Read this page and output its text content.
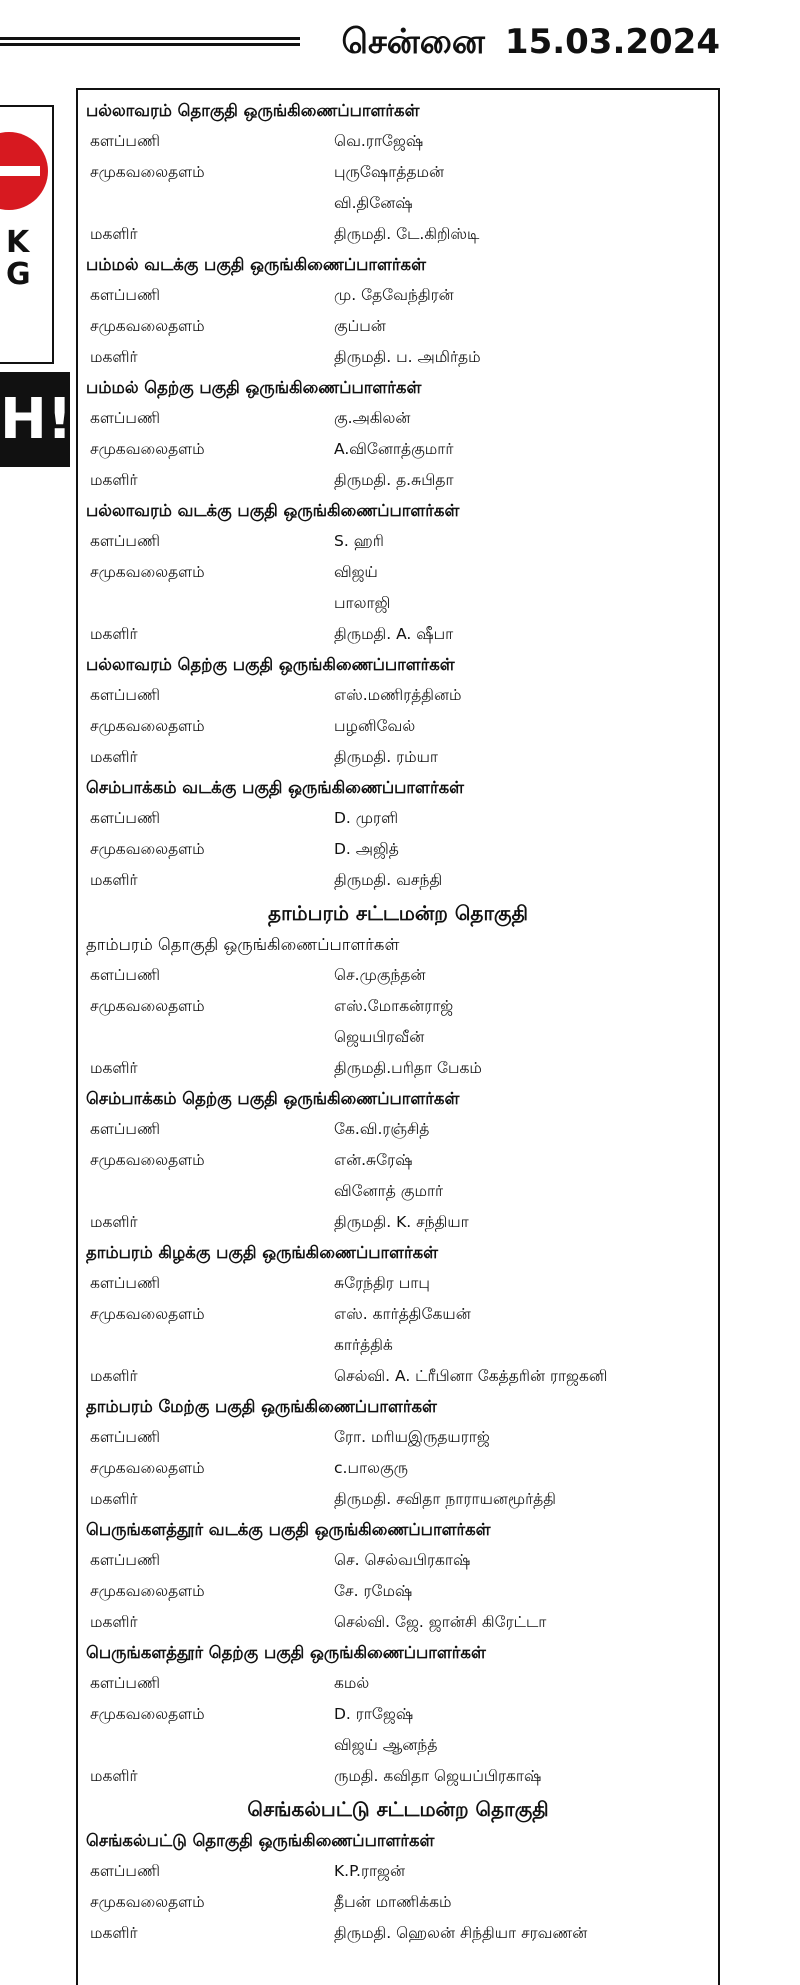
சென்னை 15.03.2024
K
G
H!
பல்லாவரம் தொகுதி ஒருங்கிணைப்பாளர்கள்
களப்பணி	வெ.ராஜேஷ்
சமுகவலைதளம்	புருஷோத்தமன்
வி.தினேஷ்
மகளிர்	திருமதி. டே.கிறிஸ்டி
பம்மல் வடக்கு பகுதி ஒருங்கிணைப்பாளர்கள்
களப்பணி	மு. தேவேந்திரன்
சமுகவலைதளம்	குப்பன்
மகளிர்	திருமதி. ப. அமிர்தம்
பம்மல் தெற்கு பகுதி ஒருங்கிணைப்பாளர்கள்
களப்பணி	கு.அகிலன்
சமுகவலைதளம்	A.வினோத்குமார்
மகளிர்	திருமதி. த.சுபிதா
பல்லாவரம் வடக்கு பகுதி ஒருங்கிணைப்பாளர்கள்
களப்பணி	S. ஹரி
சமுகவலைதளம்	விஜய்
பாலாஜி
மகளிர்	திருமதி. A. ஷீபா
பல்லாவரம் தெற்கு பகுதி ஒருங்கிணைப்பாளர்கள்
களப்பணி	எஸ்.மணிரத்தினம்
சமுகவலைதளம்	பழனிவேல்
மகளிர்	திருமதி. ரம்யா
செம்பாக்கம் வடக்கு பகுதி ஒருங்கிணைப்பாளர்கள்
களப்பணி	D. முரளி
சமுகவலைதளம்	D. அஜித்
மகளிர்	திருமதி. வசந்தி
தாம்பரம் சட்டமன்ற தொகுதி
தாம்பரம் தொகுதி ஒருங்கிணைப்பாளர்கள்
களப்பணி	செ.முகுந்தன்
சமுகவலைதளம்	எஸ்.மோகன்ராஜ்
ஜெயபிரவீன்
மகளிர்	திருமதி.பரிதா பேகம்
செம்பாக்கம் தெற்கு பகுதி ஒருங்கிணைப்பாளர்கள்
களப்பணி	கே.வி.ரஞ்சித்
சமுகவலைதளம்	என்.சுரேஷ்
வினோத் குமார்
மகளிர்	திருமதி. K. சந்தியா
தாம்பரம் கிழக்கு பகுதி ஒருங்கிணைப்பாளர்கள்
களப்பணி	சுரேந்திர பாபு
சமுகவலைதளம்	எஸ். கார்த்திகேயன்
கார்த்திக்
மகளிர்	செல்வி. A. ட்ரீபினா கேத்தரின் ராஜகனி
தாம்பரம் மேற்கு பகுதி ஒருங்கிணைப்பாளர்கள்
களப்பணி	ரோ. மரியஇருதயராஜ்
சமுகவலைதளம்	c.பாலகுரு
மகளிர்	திருமதி. சவிதா நாராயனமூர்த்தி
பெருங்களத்தூர் வடக்கு பகுதி ஒருங்கிணைப்பாளர்கள்
களப்பணி	செ. செல்வபிரகாஷ்
சமுகவலைதளம்	சே. ரமேஷ்
மகளிர்	செல்வி. ஜே. ஜான்சி கிரேட்டா
பெருங்களத்தூர் தெற்கு பகுதி ஒருங்கிணைப்பாளர்கள்
களப்பணி	கமல்
சமுகவலைதளம்	D. ராஜேஷ்
விஜய் ஆனந்த்
மகளிர்	ருமதி. கவிதா ஜெயப்பிரகாஷ்
செங்கல்பட்டு சட்டமன்ற தொகுதி
செங்கல்பட்டு தொகுதி ஒருங்கிணைப்பாளர்கள்
களப்பணி	K.P.ராஜன்
சமுகவலைதளம்	தீபன் மாணிக்கம்
மகளிர்	திருமதி. ஹெலன் சிந்தியா சரவணன்
